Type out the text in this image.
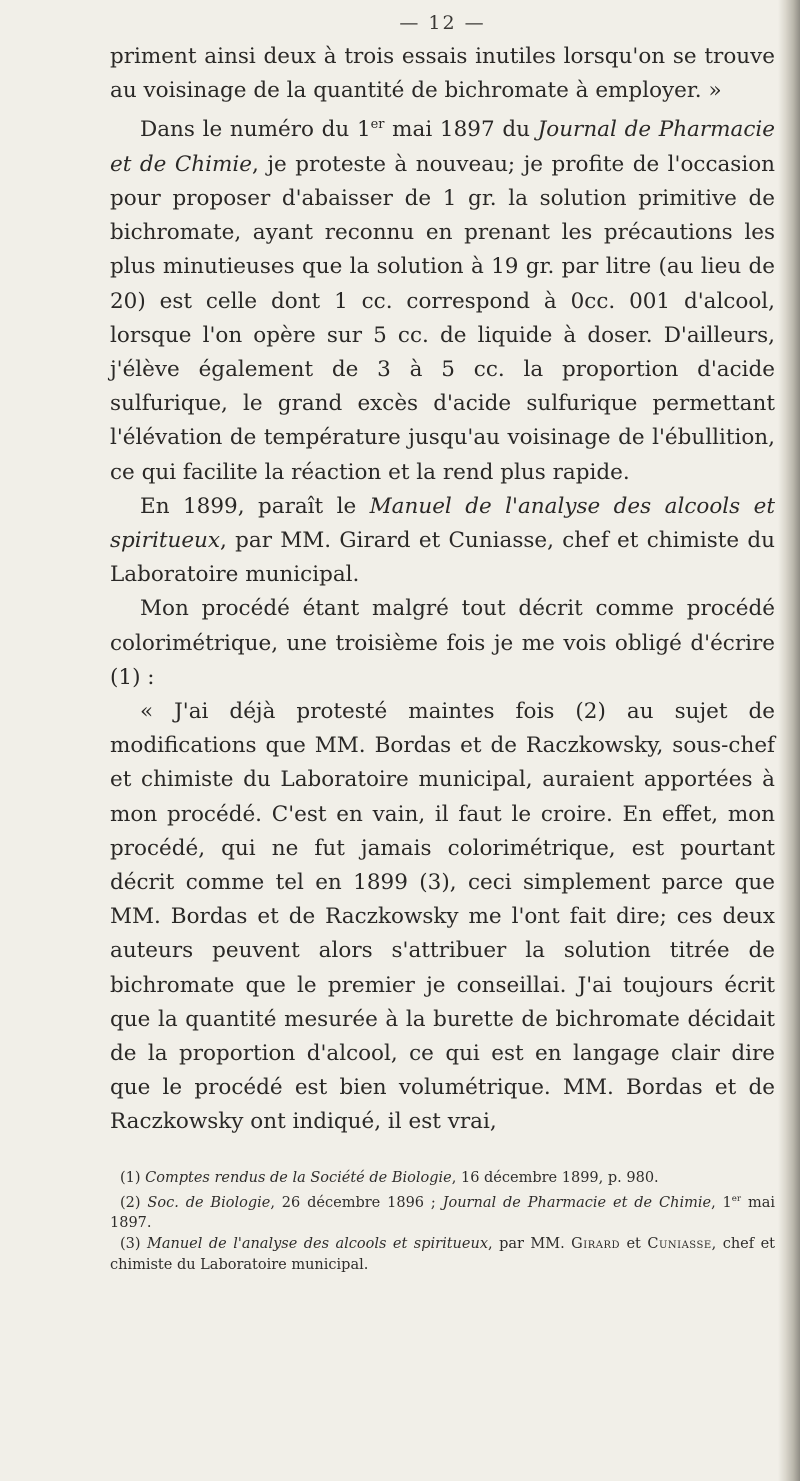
— 12 —

priment ainsi deux à trois essais inutiles lorsqu'on se trouve au voisinage de la quantité de bichromate à employer. »

Dans le numéro du 1er mai 1897 du Journal de Pharmacie et de Chimie, je proteste à nouveau; je profite de l'occasion pour proposer d'abaisser de 1 gr. la solution primitive de bichromate, ayant reconnu en prenant les précautions les plus minutieuses que la solution à 19 gr. par litre (au lieu de 20) est celle dont 1 cc. correspond à 0cc. 001 d'alcool, lorsque l'on opère sur 5 cc. de liquide à doser. D'ailleurs, j'élève également de 3 à 5 cc. la proportion d'acide sulfurique, le grand excès d'acide sulfurique permettant l'élévation de température jusqu'au voisinage de l'ébullition, ce qui facilite la réaction et la rend plus rapide.

En 1899, paraît le Manuel de l'analyse des alcools et spiritueux, par MM. Girard et Cuniasse, chef et chimiste du Laboratoire municipal.

Mon procédé étant malgré tout décrit comme procédé colorimétrique, une troisième fois je me vois obligé d'écrire (1) :

« J'ai déjà protesté maintes fois (2) au sujet de modifications que MM. Bordas et de Raczkowsky, sous-chef et chimiste du Laboratoire municipal, auraient apportées à mon procédé. C'est en vain, il faut le croire. En effet, mon procédé, qui ne fut jamais colorimétrique, est pourtant décrit comme tel en 1899 (3), ceci simplement parce que MM. Bordas et de Raczkowsky me l'ont fait dire; ces deux auteurs peuvent alors s'attribuer la solution titrée de bichromate que le premier je conseillai. J'ai toujours écrit que la quantité mesurée à la burette de bichromate décidait de la proportion d'alcool, ce qui est en langage clair dire que le procédé est bien volumétrique. MM. Bordas et de Raczkowsky ont indiqué, il est vrai,

(1) Comptes rendus de la Société de Biologie, 16 décembre 1899, p. 980.

(2) Soc. de Biologie, 26 décembre 1896 ; Journal de Pharmacie et de Chimie, 1er mai 1897.

(3) Manuel de l'analyse des alcools et spiritueux, par MM. Girard et Cuniasse, chef et chimiste du Laboratoire municipal.
